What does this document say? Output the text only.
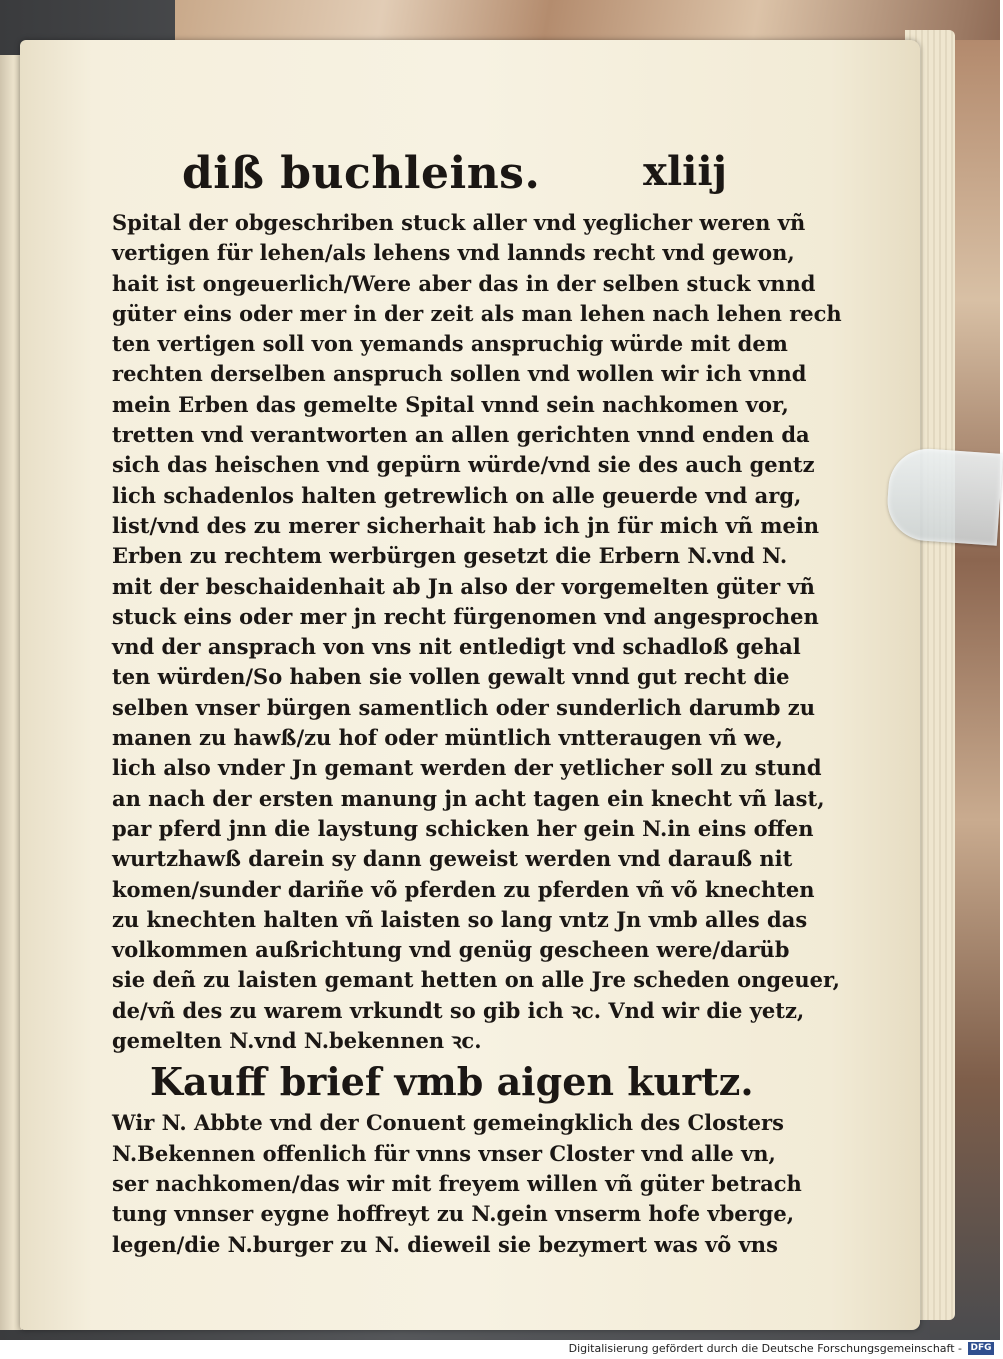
diß buchleins.	xliij
Spital der obgeschriben stuck aller vnd yeglicher weren vñ
vertigen für lehen/als lehens vnd lannds recht vnd gewon,
hait ist ongeuerlich/Were aber das in der selben stuck vnnd
güter eins oder mer in der zeit als man lehen nach lehen rech
ten vertigen soll von yemands anspruchig würde mit dem
rechten derselben anspruch sollen vnd wollen wir ich vnnd
mein Erben das gemelte Spital vnnd sein nachkomen vor,
tretten vnd verantworten an allen gerichten vnnd enden da
sich das heischen vnd gepürn würde/vnd sie des auch gentz
lich schadenlos halten getrewlich on alle geuerde vnd arg,
list/vnd des zu merer sicherhait hab ich jn für mich vñ mein
Erben zu rechtem werbürgen gesetzt die Erbern N.vnd N.
mit der beschaidenhait ab Jn also der vorgemelten güter vñ
stuck eins oder mer jn recht fürgenomen vnd angesprochen
vnd der ansprach von vns nit entledigt vnd schadloß gehal
ten würden/So haben sie vollen gewalt vnnd gut recht die
selben vnser bürgen samentlich oder sunderlich darumb zu
manen zu hawß/zu hof oder müntlich vntteraugen vñ we,
lich also vnder Jn gemant werden der yetlicher soll zu stund
an nach der ersten manung jn acht tagen ein knecht vñ last,
par pferd jnn die laystung schicken her gein N.in eins offen
wurtzhawß darein sy dann geweist werden vnd darauß nit
komen/sunder dariñe võ pferden zu pferden vñ võ knechten
zu knechten halten vñ laisten so lang vntz Jn vmb alles das
volkommen außrichtung vnd genüg gescheen were/darüb
sie deñ zu laisten gemant hetten on alle Jre scheden ongeuer,
de/vñ des zu warem vrkundt so gib ich ꝛc. Vnd wir die yetz,
gemelten N.vnd N.bekennen ꝛc.
Kauff brief vmb aigen kurtz.
Wir N. Abbte vnd der Conuent gemeingklich des Closters
N.Bekennen offenlich für vnns vnser Closter vnd alle vn,
ser nachkomen/das wir mit freyem willen vñ güter betrach
tung vnnser eygne hoffreyt zu N.gein vnserm hofe vberge,
legen/die N.burger zu N. dieweil sie bezymert was võ vns
Digitalisierung gefördert durch die Deutsche Forschungsgemeinschaft - DFG
